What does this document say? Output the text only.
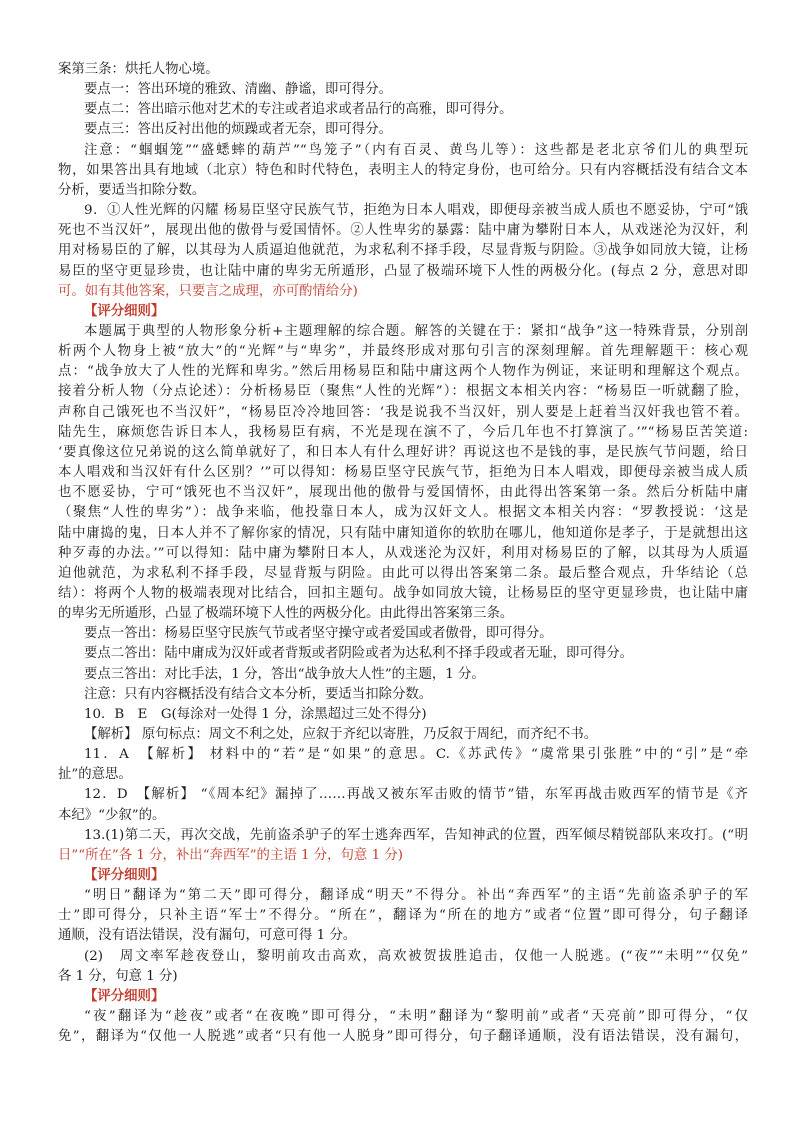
案第三条：烘托人物心境。
要点一：答出环境的雅致、清幽、静谧，即可得分。
要点二：答出暗示他对艺术的专注或者追求或者品行的高雅，即可得分。
要点三：答出反衬出他的烦躁或者无奈，即可得分。
注意：“蝈蝈笼”“盛蟋蟀的葫芦”“鸟笼子”（内有百灵、黄鸟儿等）：这些都是老北京爷们儿的典型玩
物，如果答出具有地域（北京）特色和时代特色，表明主人的特定身份，也可给分。只有内容概括没有结合文本
分析，要适当扣除分数。
9．①人性光辉的闪耀 杨易臣坚守民族气节，拒绝为日本人唱戏，即便母亲被当成人质也不愿妥协，宁可“饿
死也不当汉奸”，展现出他的傲骨与爱国情怀。②人性卑劣的暴露：陆中庸为攀附日本人，从戏迷沦为汉奸，利
用对杨易臣的了解，以其母为人质逼迫他就范，为求私利不择手段，尽显背叛与阴险。③战争如同放大镜，让杨
易臣的坚守更显珍贵，也让陆中庸的卑劣无所遁形，凸显了极端环境下人性的两极分化。(每点 2 分，意思对即
可。如有其他答案，只要言之成理，亦可酌情给分)
【评分细则】
本题属于典型的人物形象分析+主题理解的综合题。解答的关键在于：紧扣“战争”这一特殊背景，分别剖
析两个人物身上被“放大”的“光辉”与“卑劣”，并最终形成对那句引言的深刻理解。首先理解题干：核心观
点：“战争放大了人性的光辉和卑劣。”然后用杨易臣和陆中庸这两个人物作为例证，来证明和理解这个观点。
接着分析人物（分点论述）：分析杨易臣（聚焦“人性的光辉”）：根据文本相关内容：“杨易臣一听就翻了脸，
声称自己饿死也不当汉奸”，“杨易臣冷冷地回答：‘我是说我不当汉奸，别人要是上赶着当汉奸我也管不着。
陆先生，麻烦您告诉日本人，我杨易臣有病，不光是现在演不了，今后几年也不打算演了。’”“杨易臣苦笑道:
‘要真像这位兄弟说的这么简单就好了，和日本人有什么理好讲？再说这也不是钱的事，是民族气节问题，给日
本人唱戏和当汉奸有什么区别？’”可以得知：杨易臣坚守民族气节，拒绝为日本人唱戏，即便母亲被当成人质
也不愿妥协，宁可“饿死也不当汉奸”，展现出他的傲骨与爱国情怀，由此得出答案第一条。然后分析陆中庸
（聚焦“人性的卑劣”）：战争来临，他投靠日本人，成为汉奸文人。根据文本相关内容：“罗教授说：‘这是
陆中庸捣的鬼，日本人并不了解你家的情况，只有陆中庸知道你的软肋在哪儿，他知道你是孝子，于是就想出这
种歹毒的办法。’”可以得知：陆中庸为攀附日本人，从戏迷沦为汉奸，利用对杨易臣的了解，以其母为人质逼
迫他就范，为求私利不择手段，尽显背叛与阴险。由此可以得出答案第二条。最后整合观点，升华结论（总
结）：将两个人物的极端表现对比结合，回扣主题句。战争如同放大镜，让杨易臣的坚守更显珍贵，也让陆中庸
的卑劣无所遁形，凸显了极端环境下人性的两极分化。由此得出答案第三条。
要点一答出：杨易臣坚守民族气节或者坚守操守或者爱国或者傲骨，即可得分。
要点二答出：陆中庸成为汉奸或者背叛或者阴险或者为达私利不择手段或者无耻，即可得分。
要点三答出：对比手法，1 分，答出“战争放大人性”的主题，1 分。
注意：只有内容概括没有结合文本分析，要适当扣除分数。
10．B　E　G(每涂对一处得 1 分，涂黑超过三处不得分)
【解析】 原句标点：周文不利之处，应叙于齐纪以寄胜，乃反叙于周纪，而齐纪不书。
11．A　【解析】 材料中的“若”是“如果”的意思。C.《苏武传》“虞常果引张胜”中的“引”是“牵
扯”的意思。
12．D　【解析】 “《周本纪》漏掉了……再战又被东军击败的情节”错，东军再战击败西军的情节是《齐
本纪》“少叙”的。
13.(1)第二天，再次交战，先前盗杀驴子的军士逃奔西军，告知神武的位置，西军倾尽精锐部队来攻打。(“明
日”“所在”各 1 分，补出“奔西军”的主语 1 分，句意 1 分)
【评分细则】
“明日”翻译为“第二天”即可得分，翻译成“明天”不得分。补出“奔西军”的主语“先前盗杀驴子的军
士”即可得分，只补主语“军士”不得分。“所在”，翻译为“所在的地方”或者“位置”即可得分，句子翻译
通顺，没有语法错误，没有漏句，可意可得 1 分。
(2)　周文率军趁夜登山，黎明前攻击高欢，高欢被贺拔胜追击，仅他一人脱逃。(“夜”“未明”“仅免”
各 1 分，句意 1 分)
【评分细则】
“夜”翻译为“趁夜”或者“在夜晚”即可得分，“未明”翻译为“黎明前”或者“天亮前”即可得分，“仅
免”，翻译为“仅他一人脱逃”或者“只有他一人脱身”即可得分，句子翻译通顺，没有语法错误，没有漏句，
